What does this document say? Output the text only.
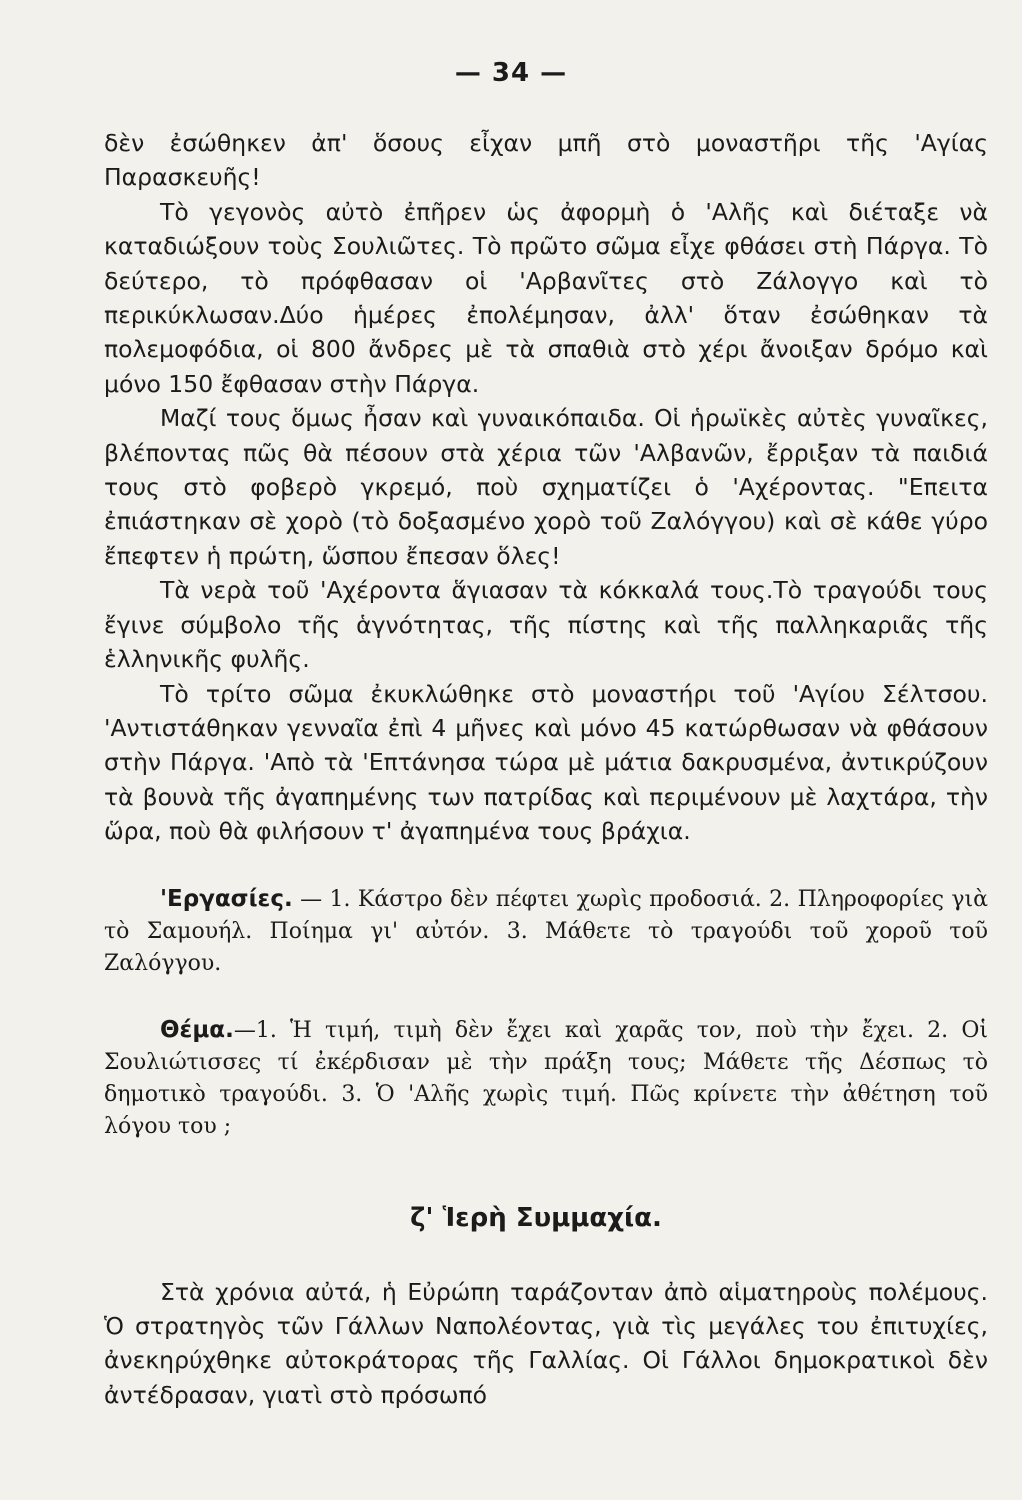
— 34 —

δὲν ἐσώθηκεν ἀπ' ὅσους εἶχαν μπῆ στὸ μοναστῆρι τῆς 'Αγίας Παρασκευῆς!

Τὸ γεγονὸς αὐτὸ ἐπῆρεν ὡς ἀφορμὴ ὁ 'Αλῆς καὶ διέταξε νὰ καταδιώξουν τοὺς Σουλιῶτες. Τὸ πρῶτο σῶμα εἶχε φθάσει στὴ Πάργα. Τὸ δεύτερο, τὸ πρόφθασαν οἱ 'Αρβανῖτες στὸ Ζάλογγο καὶ τὸ περικύκλωσαν.Δύο ἡμέρες ἐπολέμησαν, ἀλλ' ὅταν ἐσώθηκαν τὰ πολεμοφόδια, οἱ 800 ἄνδρες μὲ τὰ σπαθιὰ στὸ χέρι ἄνοιξαν δρόμο καὶ μόνο 150 ἔφθασαν στὴν Πάργα.

Μαζί τους ὅμως ἦσαν καὶ γυναικόπαιδα. Οἱ ἡρωϊκὲς αὐτὲς γυναῖκες, βλέποντας πῶς θὰ πέσουν στὰ χέρια τῶν 'Αλβανῶν, ἔρριξαν τὰ παιδιά τους στὸ φοβερὸ γκρεμό, ποὺ σχηματίζει ὁ 'Αχέροντας. "Επειτα ἐπιάστηκαν σὲ χορὸ (τὸ δοξασμένο χορὸ τοῦ Ζαλόγγου) καὶ σὲ κάθε γύρο ἔπεφτεν ἡ πρώτη, ὥσπου ἔπεσαν ὅλες!

Τὰ νερὰ τοῦ 'Αχέροντα ἅγιασαν τὰ κόκκαλά τους.Τὸ τραγούδι τους ἔγινε σύμβολο τῆς ἁγνότητας, τῆς πίστης καὶ τῆς παλληκαριᾶς τῆς ἑλληνικῆς φυλῆς.

Τὸ τρίτο σῶμα ἐκυκλώθηκε στὸ μοναστήρι τοῦ 'Αγίου Σέλτσου. 'Αντιστάθηκαν γενναῖα ἐπὶ 4 μῆνες καὶ μόνο 45 κατώρθωσαν νὰ φθάσουν στὴν Πάργα. 'Απὸ τὰ 'Επτάνησα τώρα μὲ μάτια δακρυσμένα, ἀντικρύζουν τὰ βουνὰ τῆς ἀγαπημένης των πατρίδας καὶ περιμένουν μὲ λαχτάρα, τὴν ὥρα, ποὺ θὰ φιλήσουν τ' ἀγαπημένα τους βράχια.

'Εργασίες. — 1. Κάστρο δὲν πέφτει χωρὶς προδοσιά. 2. Πληροφορίες γιὰ τὸ Σαμουήλ. Ποίημα γι' αὐτόν. 3. Μάθετε τὸ τραγούδι τοῦ χοροῦ τοῦ Ζαλόγγου.

Θέμα.—1. Ἡ τιμή, τιμὴ δὲν ἔχει καὶ χαρᾶς τον, ποὺ τὴν ἔχει. 2. Οἱ Σουλιώτισσες τί ἐκέρδισαν μὲ τὴν πράξη τους; Μάθετε τῆς Δέσπως τὸ δημοτικὸ τραγούδι. 3. Ὁ 'Αλῆς χωρὶς τιμή. Πῶς κρίνετε τὴν ἀθέτηση τοῦ λόγου του ;

ζ' Ἱερὴ Συμμαχία.

Στὰ χρόνια αὐτά, ἡ Εὐρώπη ταράζονταν ἀπὸ αἱματηροὺς πολέμους. Ὁ στρατηγὸς τῶν Γάλλων Ναπολέοντας, γιὰ τὶς μεγάλες του ἐπιτυχίες, ἀνεκηρύχθηκε αὐτοκράτορας τῆς Γαλλίας. Οἱ Γάλλοι δημοκρατικοὶ δὲν ἀντέδρασαν, γιατὶ στὸ πρόσωπό
